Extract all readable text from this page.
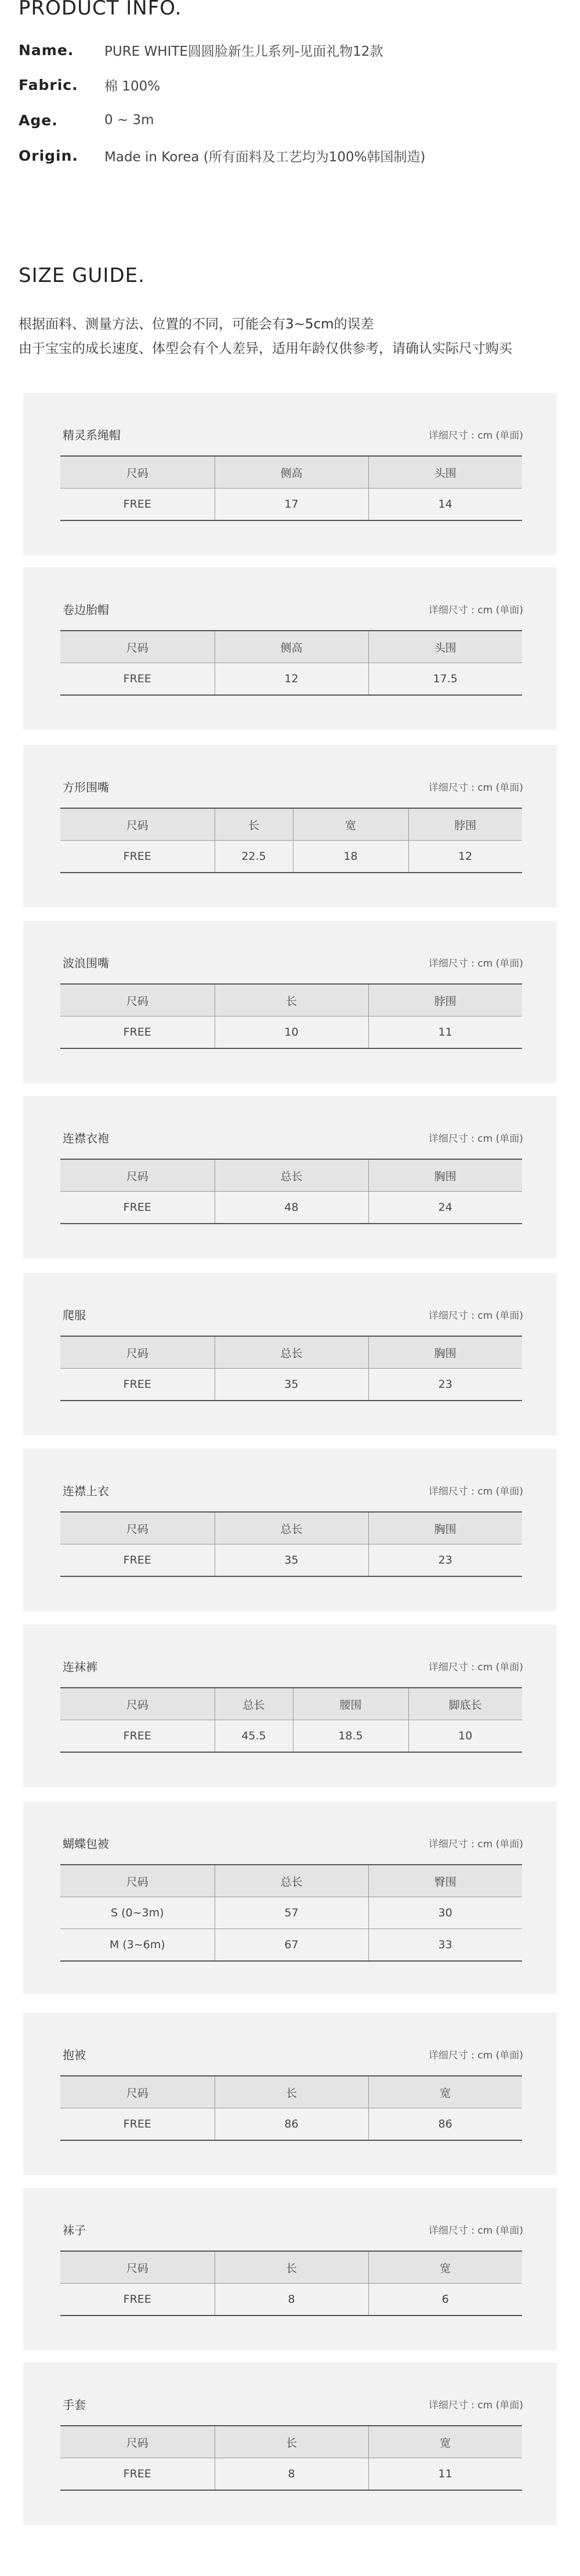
PRODUCT INFO.
Name.	PURE WHITE圆圆脸新生儿系列-见面礼物12款
Fabric.	棉 100%
Age.	0 ~ 3m
Origin.	Made in Korea (所有面料及工艺均为100%韩国制造)
SIZE GUIDE.
根据面料、测量方法、位置的不同，可能会有3~5cm的误差
由于宝宝的成长速度、体型会有个人差异，适用年龄仅供参考，请确认实际尺寸购买
精灵系绳帽	详细尺寸 : cm (单面)
尺码	侧高	头围
FREE	17	14
卷边胎帽	详细尺寸 : cm (单面)
尺码	侧高	头围
FREE	12	17.5
方形围嘴	详细尺寸 : cm (单面)
尺码	长	宽	脖围
FREE	22.5	18	12
波浪围嘴	详细尺寸 : cm (单面)
尺码	长	脖围
FREE	10	11
连襟衣袍	详细尺寸 : cm (单面)
尺码	总长	胸围
FREE	48	24
爬服	详细尺寸 : cm (单面)
尺码	总长	胸围
FREE	35	23
连襟上衣	详细尺寸 : cm (单面)
尺码	总长	胸围
FREE	35	23
连袜裤	详细尺寸 : cm (单面)
尺码	总长	腰围	脚底长
FREE	45.5	18.5	10
蝴蝶包被	详细尺寸 : cm (单面)
尺码	总长	臀围
S (0~3m)	57	30
M (3~6m)	67	33
抱被	详细尺寸 : cm (单面)
尺码	长	宽
FREE	86	86
袜子	详细尺寸 : cm (单面)
尺码	长	宽
FREE	8	6
手套	详细尺寸 : cm (单面)
尺码	长	宽
FREE	8	11
